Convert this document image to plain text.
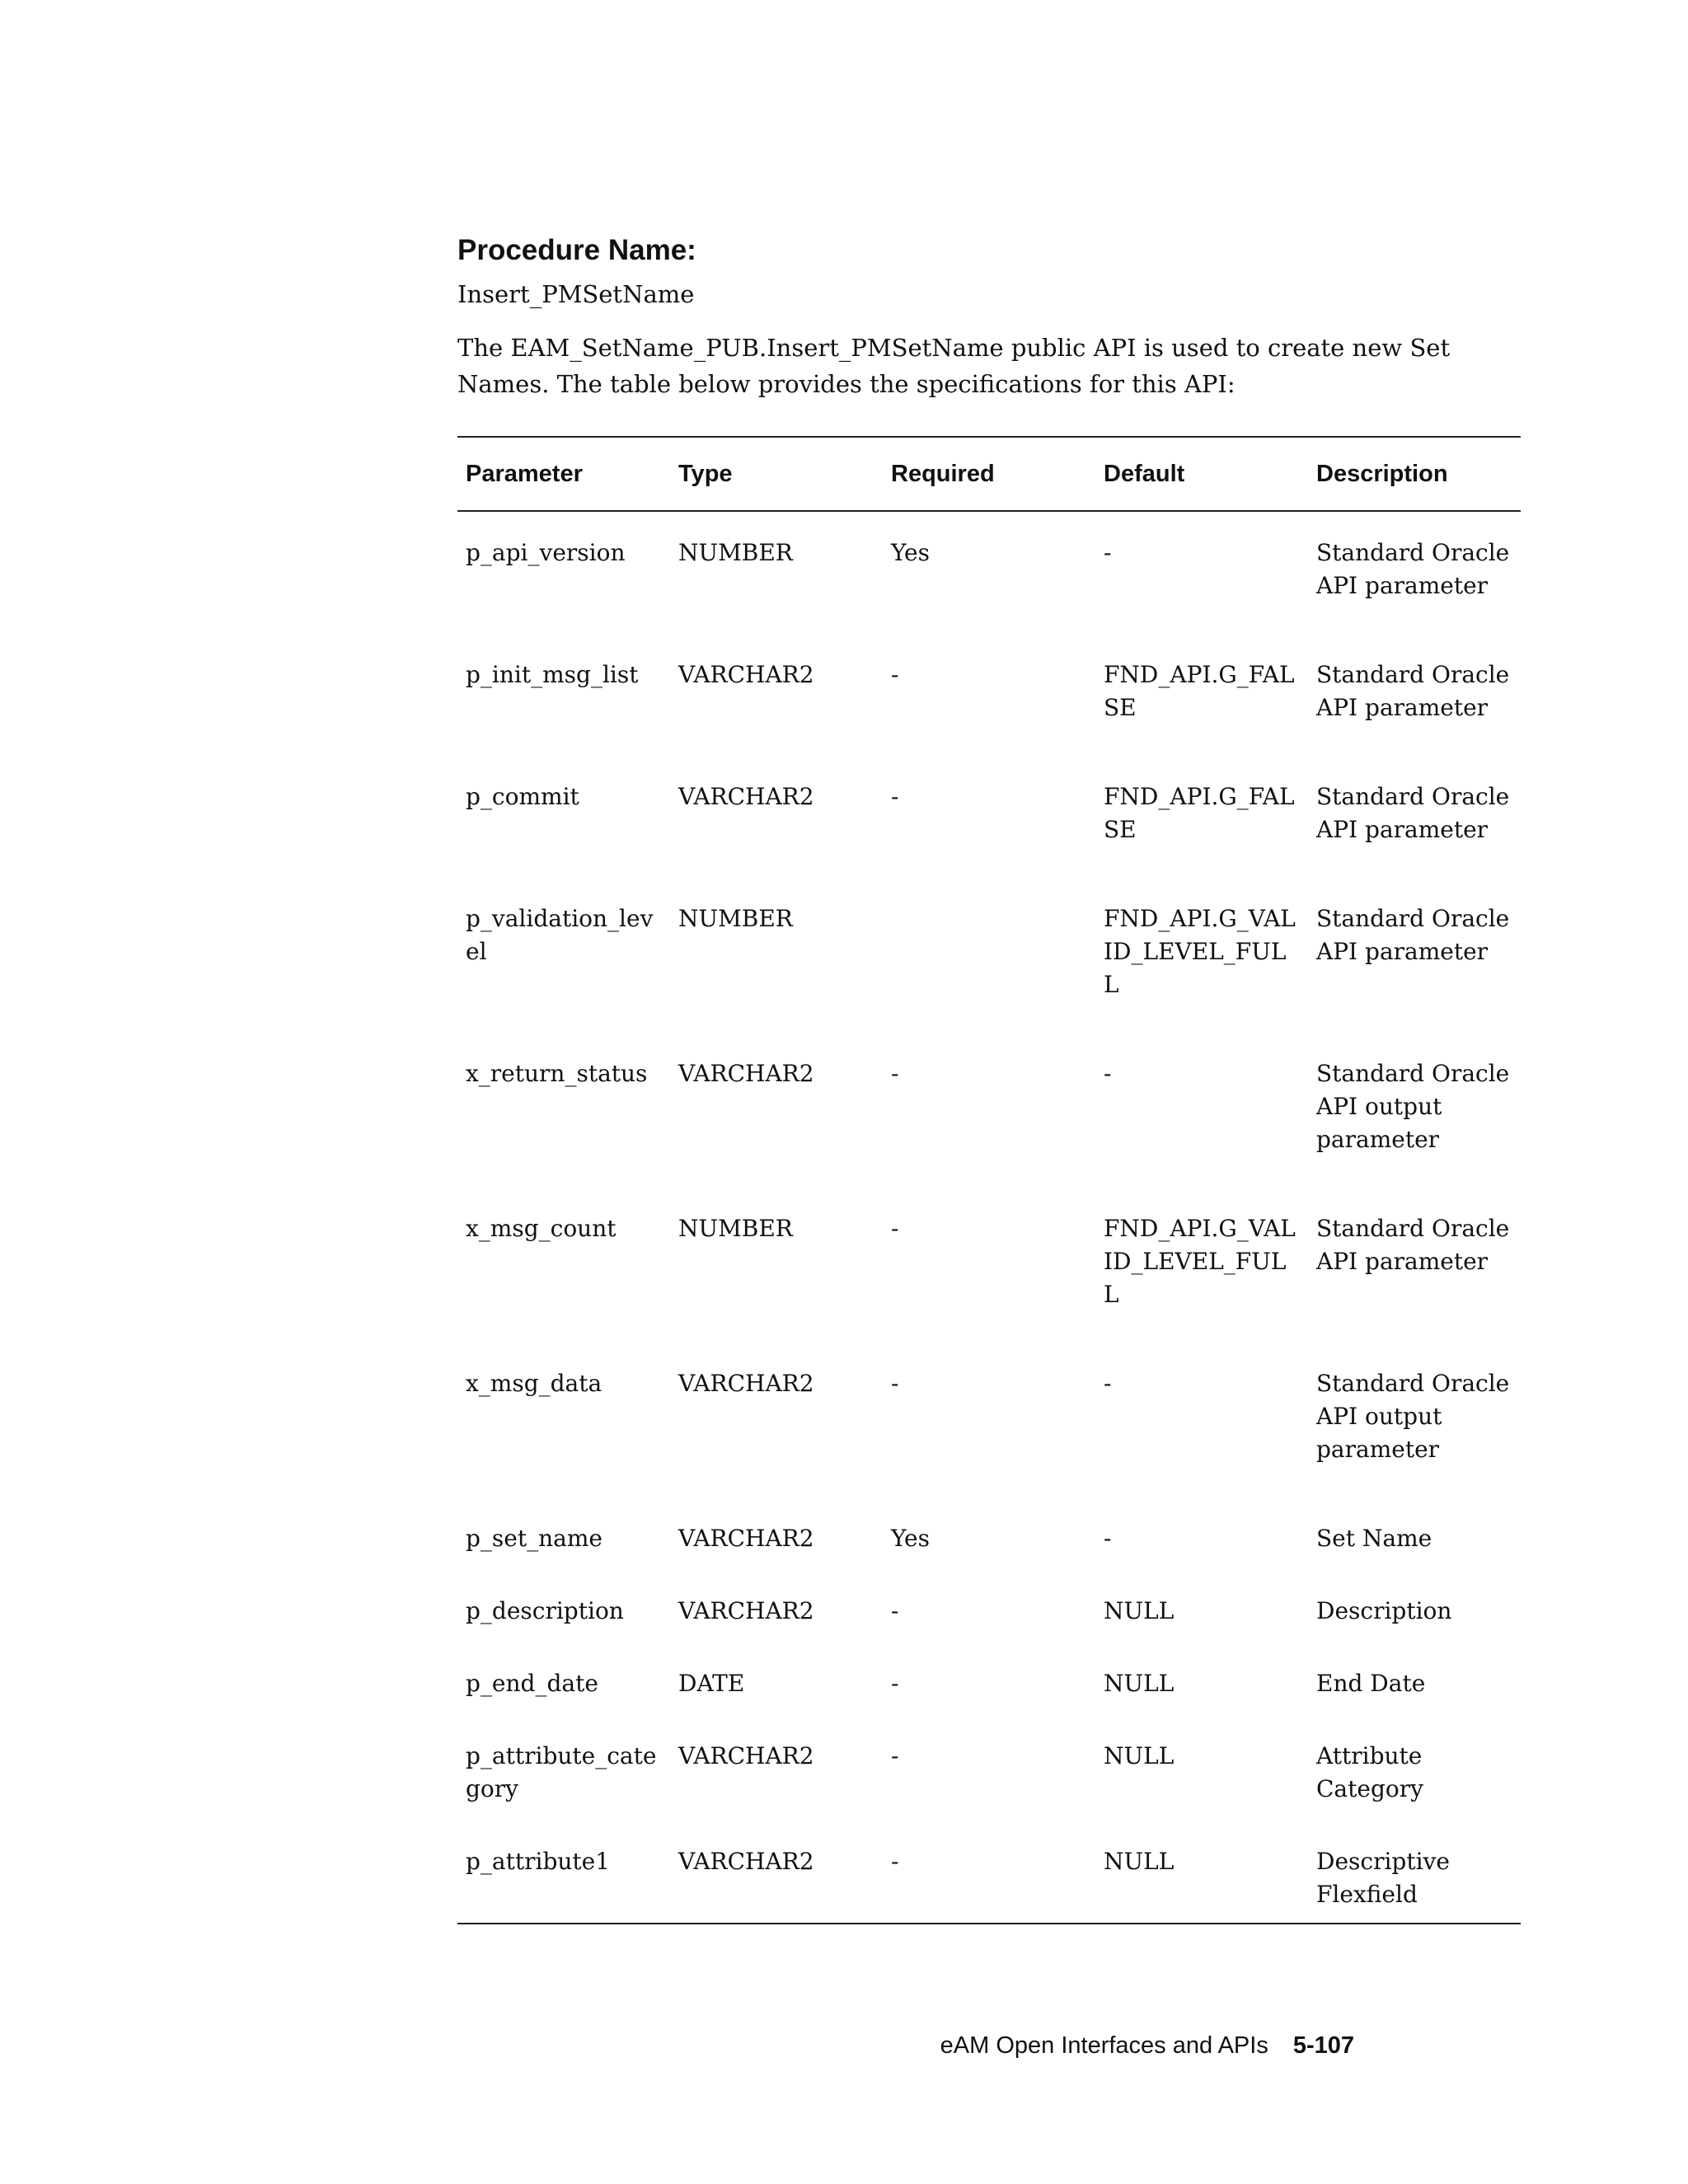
Procedure Name:

Insert_PMSetName

The EAM_SetName_PUB.Insert_PMSetName public API is used to create new Set
Names. The table below provides the specifications for this API:

Parameter	Type	Required	Default	Description
p_api_version	NUMBER	Yes	-	Standard Oracle API parameter
p_init_msg_list	VARCHAR2	-	FND_API.G_FALSE	Standard Oracle API parameter
p_commit	VARCHAR2	-	FND_API.G_FALSE	Standard Oracle API parameter
p_validation_level	NUMBER		FND_API.G_VALID_LEVEL_FULL	Standard Oracle API parameter
x_return_status	VARCHAR2	-	-	Standard Oracle API output parameter
x_msg_count	NUMBER	-	FND_API.G_VALID_LEVEL_FULL	Standard Oracle API parameter
x_msg_data	VARCHAR2	-	-	Standard Oracle API output parameter
p_set_name	VARCHAR2	Yes	-	Set Name
p_description	VARCHAR2	-	NULL	Description
p_end_date	DATE	-	NULL	End Date
p_attribute_category	VARCHAR2	-	NULL	Attribute Category
p_attribute1	VARCHAR2	-	NULL	Descriptive Flexfield
eAM Open Interfaces and APIs 5-107
